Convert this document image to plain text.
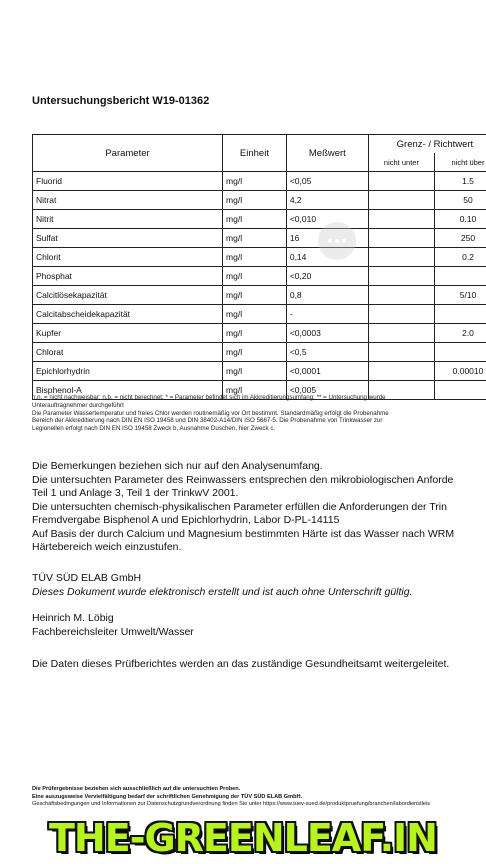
Untersuchungsbericht W19-01362
Parameter	Einheit	Meßwert	Grenz- / Richtwert	
			nicht unter	nicht über
Fluorid	mg/l	<0,05		1.5
Nitrat	mg/l	4,2		50
Nitrit	mg/l	<0,010		0.10
Sulfat	mg/l	16		250
Chlorit	mg/l	0,14		0.2
Phosphat	mg/l	<0,20		
Calcitlösekapazität	mg/l	0,8		5/10
Calcitabscheidekapazität	mg/l	-		
Kupfer	mg/l	<0,0003		2.0
Chlorat	mg/l	<0,5		
Epichlorhydrin	mg/l	<0,0001		0.00010
Bisphenol-A	mg/l	<0,005		
n.n. = nicht nachweisbar; n.b. = nicht berechnet; * = Parameter befindet sich im Akkreditierungsumfang; ** = Untersuchung wurde
Unterauftragnehmer durchgeführt
Die Parameter Wassertemperatur und freies Chlor werden routinemäßig vor Ort bestimmt. Standardmäßig erfolgt die Probenahme
Bereich der Akkreditierung nach DIN EN ISO 19458 und DIN 38402-A14/DIN ISO 5667-5. Die Probenahme von Trinkwasser zur
Legionellen erfolgt nach DIN EN ISO 19458 Zweck b, Ausnahme Duschen, hier Zweck c.
Die Bemerkungen beziehen sich nur auf den Analysenumfang.
Die untersuchten Parameter des Reinwassers entsprechen den mikrobiologischen Anforde
Teil 1 und Anlage 3, Teil 1 der TrinkwV 2001.
Die untersuchten chemisch-physikalischen Parameter erfüllen die Anforderungen der Trin
Fremdvergabe Bisphenol A und Epichlorhydrin, Labor D-PL-14115
Auf Basis der durch Calcium und Magnesium bestimmten Härte ist das Wasser nach WRM
Härtebereich weich einzustufen.
TÜV SÜD ELAB GmbH
Dieses Dokument wurde elektronisch erstellt und ist auch ohne Unterschrift gültig.
Heinrich M. Löbig
Fachbereichsleiter Umwelt/Wasser
Die Daten dieses Prüfberichtes werden an das zuständige Gesundheitsamt weitergeleitet.
Die Prüfergebnisse beziehen sich ausschließlich auf die untersuchten Proben.
Eine auszugsweise Vervielfältigung bedarf der schriftlichen Genehmigung der TÜV SÜD ELAB GmbH.
Geschäftsbedingungen und Informationen zur Datenschutzgrundverordnung finden Sie unter https://www.tuev-sued.de/produktpruefung/branchen/labordienstleis
THE-GREENLEAF.IN
